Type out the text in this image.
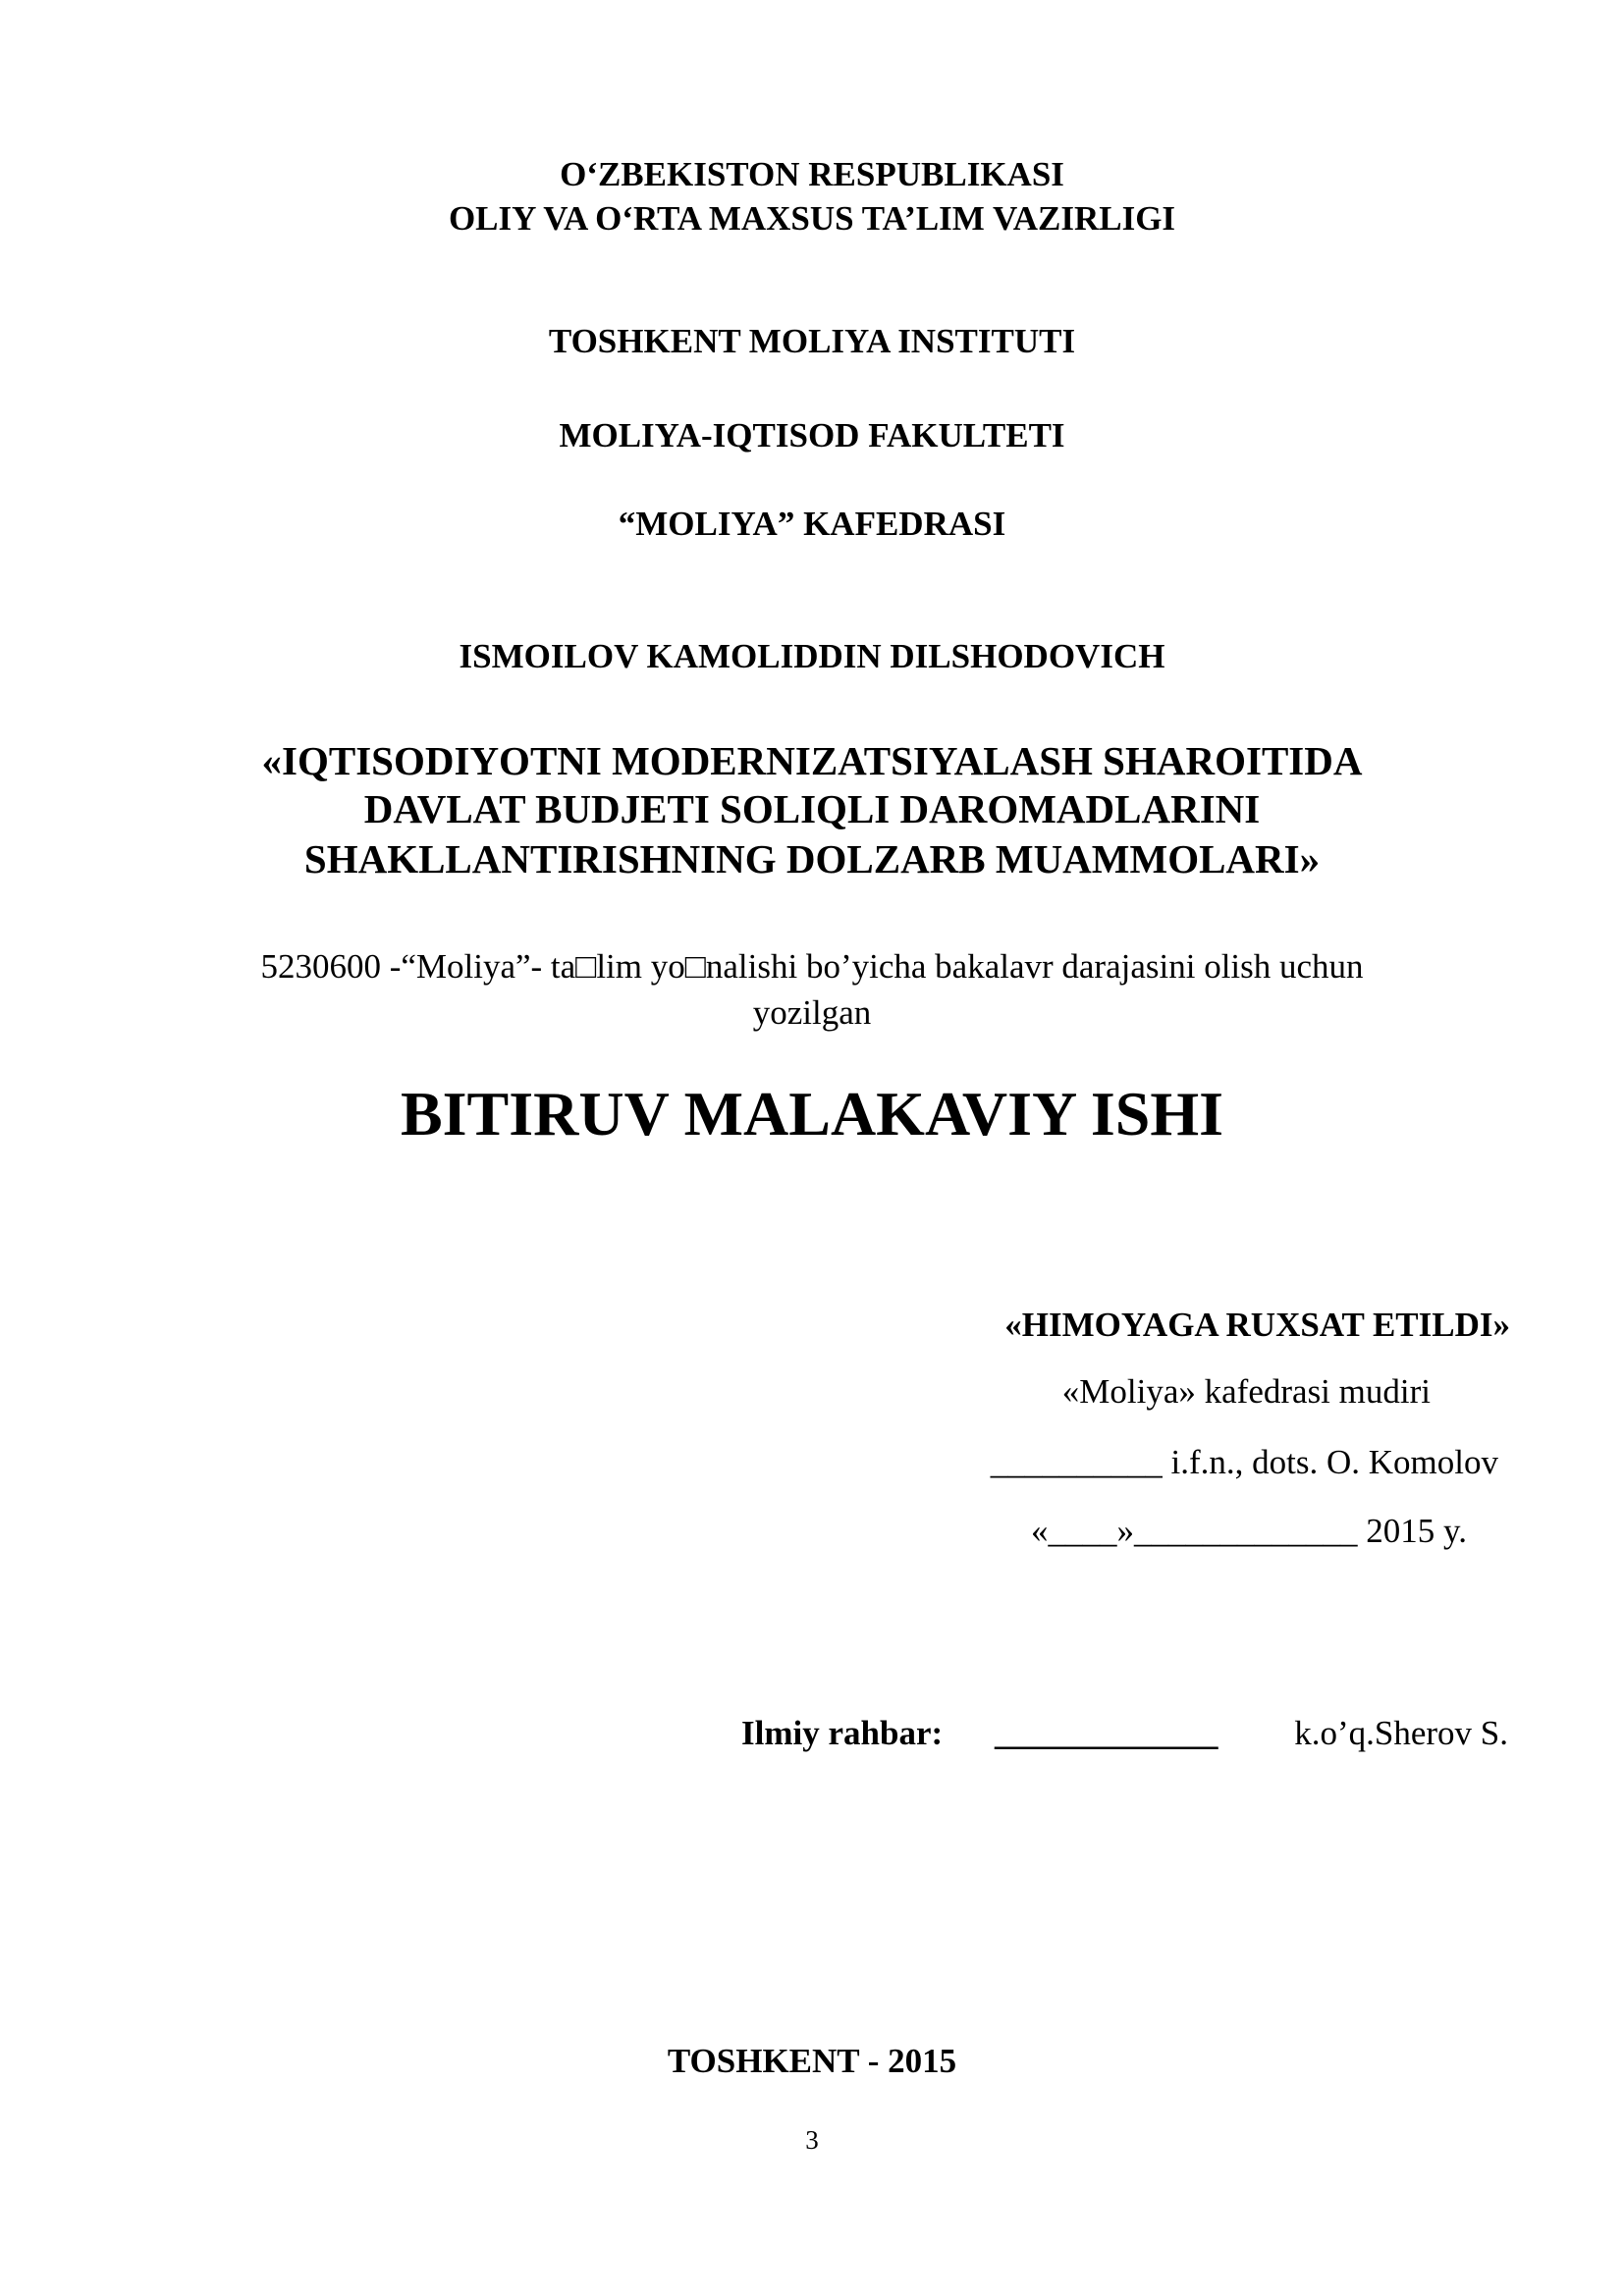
O‘ZBEKISTON RESPUBLIKASI
OLIY VA O‘RTA MAXSUS TA’LIM VAZIRLIGI
TOSHKENT MOLIYA INSTITUTI
MOLIYA-IQTISOD FAKULTETI
“MOLIYA” KAFEDRASI
ISMOILOV KAMOLIDDIN DILSHODOVICH
«IQTISODIYOTNI MODERNIZATSIYALASH SHAROITIDA
DAVLAT BUDJETI SOLIQLI DAROMADLARINI
SHAKLLANTIRISHNING DOLZARB MUAMMOLARI»
5230600 -“Moliya”- ta□lim yo□nalishi bo’yicha bakalavr darajasini olish uchun
yozilgan
BITIRUV MALAKAVIY ISHI
«HIMOYAGA RUXSAT ETILDI»
«Moliya» kafedrasi mudiri
__________ i.f.n., dots. O. Komolov
«____»_____________ 2015 y.
Ilmiy rahbar: _____________ k.o’q.Sherov S.
TOSHKENT - 2015
3
